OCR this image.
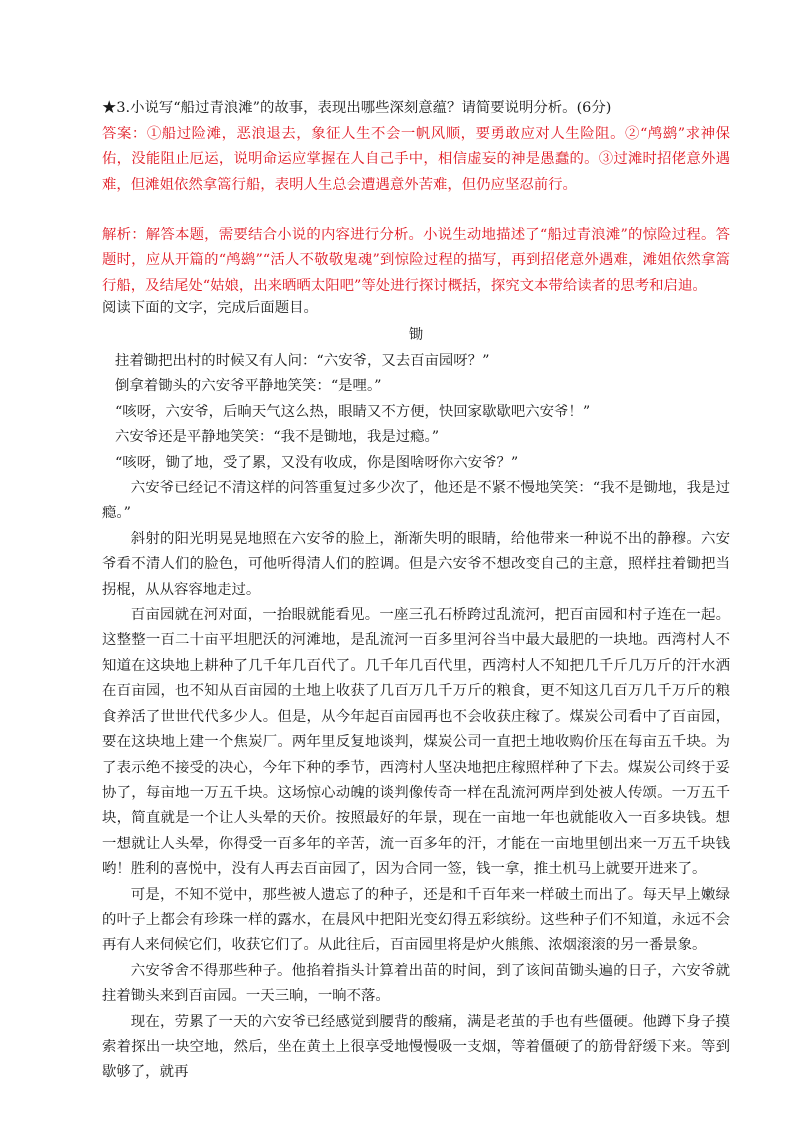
★3.小说写“船过青浪滩”的故事，表现出哪些深刻意蕴？请简要说明分析。(6分)

答案：①船过险滩，恶浪退去，象征人生不会一帆风顺，要勇敢应对人生险阻。②“鸬鹚”求神保佑，没能阻止厄运，说明命运应掌握在人自己手中，相信虚妄的神是愚蠢的。③过滩时招佬意外遇难，但滩姐依然拿篙行船，表明人生总会遭遇意外苦难，但仍应坚忍前行。

解析：解答本题，需要结合小说的内容进行分析。小说生动地描述了“船过青浪滩”的惊险过程。答题时，应从开篇的“鸬鹚”“活人不敬敬鬼魂”到惊险过程的描写，再到招佬意外遇难，滩姐依然拿篙行船，及结尾处“姑娘，出来晒晒太阳吧”等处进行探讨概括，探究文本带给读者的思考和启迪。

阅读下面的文字，完成后面题目。

锄

拄着锄把出村的时候又有人问：“六安爷，又去百亩园呀？”

倒拿着锄头的六安爷平静地笑笑：“是哩。”

“咳呀，六安爷，后晌天气这么热，眼睛又不方便，快回家歇歇吧六安爷！”

六安爷还是平静地笑笑：“我不是锄地，我是过瘾。”

“咳呀，锄了地，受了累，又没有收成，你是图啥呀你六安爷？”

六安爷已经记不清这样的问答重复过多少次了，他还是不紧不慢地笑笑：“我不是锄地，我是过瘾。”

斜射的阳光明晃晃地照在六安爷的脸上，渐渐失明的眼睛，给他带来一种说不出的静穆。六安爷看不清人们的脸色，可他听得清人们的腔调。但是六安爷不想改变自己的主意，照样拄着锄把当拐棍，从从容容地走过。

百亩园就在河对面，一抬眼就能看见。一座三孔石桥跨过乱流河，把百亩园和村子连在一起。这整整一百二十亩平坦肥沃的河滩地，是乱流河一百多里河谷当中最大最肥的一块地。西湾村人不知道在这块地上耕种了几千年几百代了。几千年几百代里，西湾村人不知把几千斤几万斤的汗水洒在百亩园，也不知从百亩园的土地上收获了几百万几千万斤的粮食，更不知这几百万几千万斤的粮食养活了世世代代多少人。但是，从今年起百亩园再也不会收获庄稼了。煤炭公司看中了百亩园，要在这块地上建一个焦炭厂。两年里反复地谈判，煤炭公司一直把土地收购价压在每亩五千块。为了表示绝不接受的决心，今年下种的季节，西湾村人坚决地把庄稼照样种了下去。煤炭公司终于妥协了，每亩地一万五千块。这场惊心动魄的谈判像传奇一样在乱流河两岸到处被人传颂。一万五千块，简直就是一个让人头晕的天价。按照最好的年景，现在一亩地一年也就能收入一百多块钱。想一想就让人头晕，你得受一百多年的辛苦，流一百多年的汗，才能在一亩地里刨出来一万五千块钱哟！胜利的喜悦中，没有人再去百亩园了，因为合同一签，钱一拿，推土机马上就要开进来了。

可是，不知不觉中，那些被人遗忘了的种子，还是和千百年来一样破土而出了。每天早上嫩绿的叶子上都会有珍珠一样的露水，在晨风中把阳光变幻得五彩缤纷。这些种子们不知道，永远不会再有人来伺候它们，收获它们了。从此往后，百亩园里将是炉火熊熊、浓烟滚滚的另一番景象。

六安爷舍不得那些种子。他掐着指头计算着出苗的时间，到了该间苗锄头遍的日子，六安爷就拄着锄头来到百亩园。一天三晌，一晌不落。

现在，劳累了一天的六安爷已经感觉到腰背的酸痛，满是老茧的手也有些僵硬。他蹲下身子摸索着探出一块空地，然后，坐在黄土上很享受地慢慢吸一支烟，等着僵硬了的筋骨舒缓下来。等到歇够了，就再
